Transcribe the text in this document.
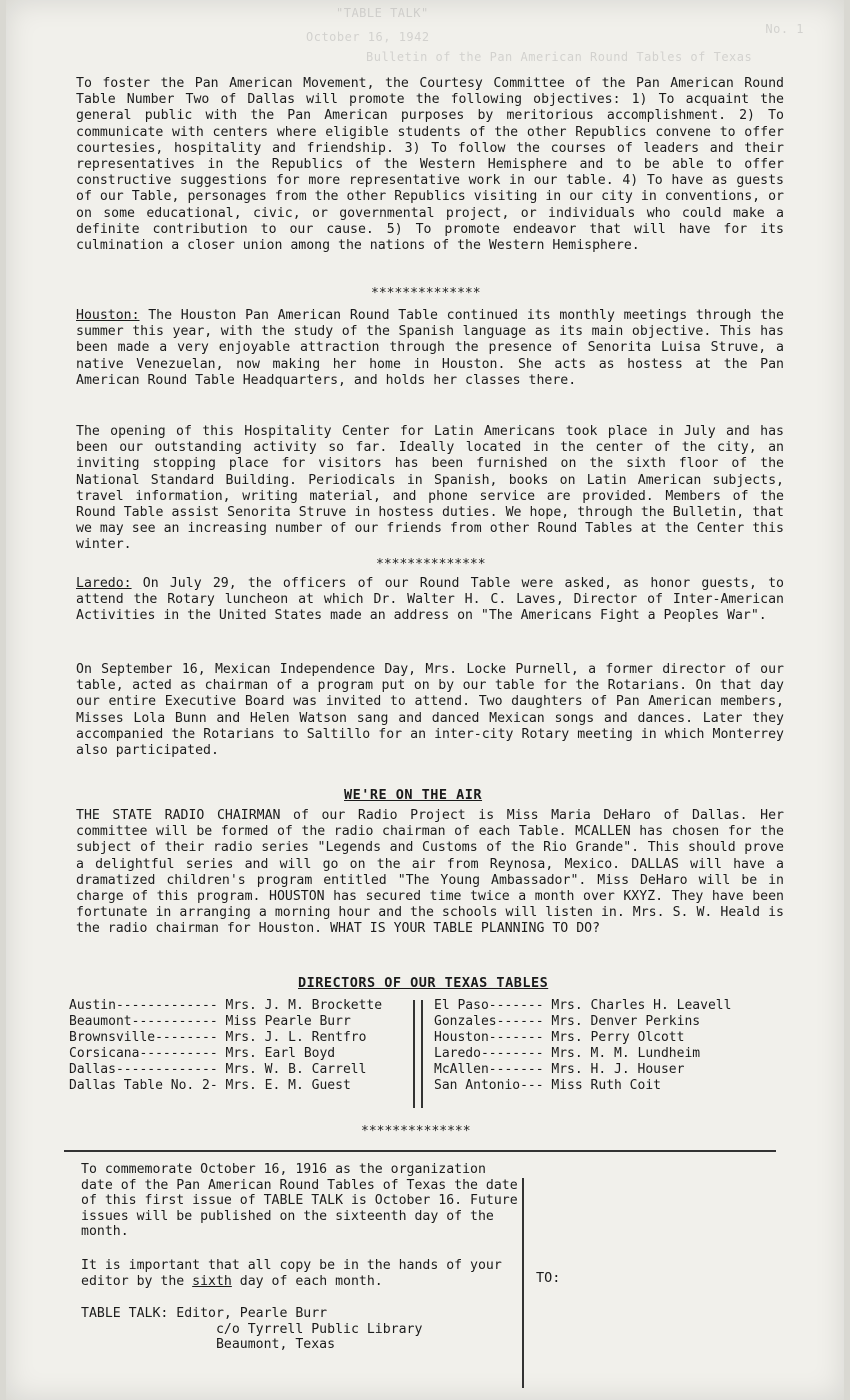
"TABLE TALK"
October 16, 1942
No. 1
Bulletin of the Pan American Round Tables of Texas
To foster the Pan American Movement, the Courtesy Committee of the Pan American Round Table Number Two of Dallas will promote the following objectives: 1) To acquaint the general public with the Pan American purposes by meritorious accomplishment. 2) To communicate with centers where eligible students of the other Republics convene to offer courtesies, hospitality and friendship. 3) To follow the courses of leaders and their representatives in the Republics of the Western Hemisphere and to be able to offer constructive suggestions for more representative work in our table. 4) To have as guests of our Table, personages from the other Republics visiting in our city in conventions, or on some educational, civic, or governmental project, or individuals who could make a definite contribution to our cause. 5) To promote endeavor that will have for its culmination a closer union among the nations of the Western Hemisphere.
**************
Houston: The Houston Pan American Round Table continued its monthly meetings through the summer this year, with the study of the Spanish language as its main objective. This has been made a very enjoyable attraction through the presence of Senorita Luisa Struve, a native Venezuelan, now making her home in Houston. She acts as hostess at the Pan American Round Table Headquarters, and holds her classes there.
The opening of this Hospitality Center for Latin Americans took place in July and has been our outstanding activity so far. Ideally located in the center of the city, an inviting stopping place for visitors has been furnished on the sixth floor of the National Standard Building. Periodicals in Spanish, books on Latin American subjects, travel information, writing material, and phone service are provided. Members of the Round Table assist Senorita Struve in hostess duties. We hope, through the Bulletin, that we may see an increasing number of our friends from other Round Tables at the Center this winter.
**************
Laredo: On July 29, the officers of our Round Table were asked, as honor guests, to attend the Rotary luncheon at which Dr. Walter H. C. Laves, Director of Inter-American Activities in the United States made an address on "The Americans Fight a Peoples War".
On September 16, Mexican Independence Day, Mrs. Locke Purnell, a former director of our table, acted as chairman of a program put on by our table for the Rotarians. On that day our entire Executive Board was invited to attend. Two daughters of Pan American members, Misses Lola Bunn and Helen Watson sang and danced Mexican songs and dances. Later they accompanied the Rotarians to Saltillo for an inter-city Rotary meeting in which Monterrey also participated.
WE'RE ON THE AIR
THE STATE RADIO CHAIRMAN of our Radio Project is Miss Maria DeHaro of Dallas. Her committee will be formed of the radio chairman of each Table. MCALLEN has chosen for the subject of their radio series "Legends and Customs of the Rio Grande". This should prove a delightful series and will go on the air from Reynosa, Mexico. DALLAS will have a dramatized children's program entitled "The Young Ambassador". Miss DeHaro will be in charge of this program. HOUSTON has secured time twice a month over KXYZ. They have been fortunate in arranging a morning hour and the schools will listen in. Mrs. S. W. Heald is the radio chairman for Houston. WHAT IS YOUR TABLE PLANNING TO DO?
DIRECTORS OF OUR TEXAS TABLES
Austin------------- Mrs. J. M. Brockette
Beaumont----------- Miss Pearle Burr
Brownsville-------- Mrs. J. L. Rentfro
Corsicana---------- Mrs. Earl Boyd
Dallas------------- Mrs. W. B. Carrell
Dallas Table No. 2- Mrs. E. M. Guest
El Paso------- Mrs. Charles H. Leavell
Gonzales------ Mrs. Denver Perkins
Houston------- Mrs. Perry Olcott
Laredo-------- Mrs. M. M. Lundheim
McAllen------- Mrs. H. J. Houser
San Antonio--- Miss Ruth Coit
**************
To commemorate October 16, 1916 as the organization date of the Pan American Round Tables of Texas the date of this first issue of TABLE TALK is October 16. Future issues will be published on the sixteenth day of the month.
It is important that all copy be in the hands of your editor by the sixth day of each month.
TABLE TALK: Editor, Pearle Burr
c/o Tyrrell Public Library
Beaumont, Texas
TO:
